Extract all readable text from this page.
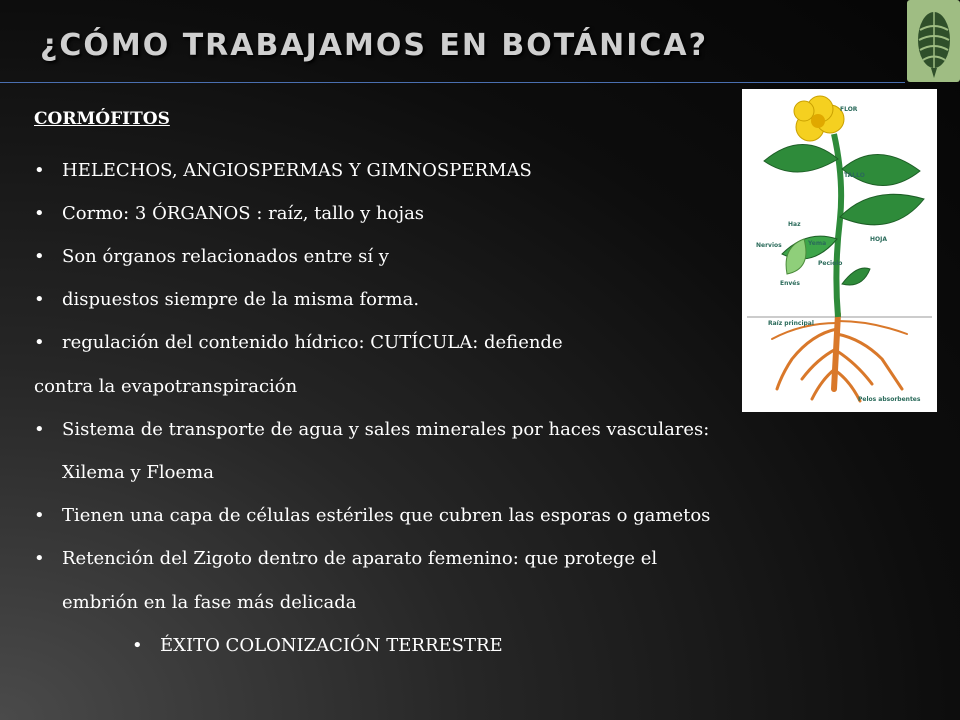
¿CÓMO TRABAJAMOS EN BOTÁNICA?
CORMÓFITOS	FLOR
TALLO
HOJA
Haz
Yema
Nervios
Peciolo
Envés
Raíz principal
Pelos absorbentes
• HELECHOS, ANGIOSPERMAS Y GIMNOSPERMAS
• Cormo: 3 ÓRGANOS : raíz, tallo y hojas
• Son órganos relacionados entre sí y
• dispuestos siempre de la misma forma.
• regulación del contenido hídrico: CUTÍCULA: defiende
contra la evapotranspiración
• Sistema de transporte de agua y sales minerales por haces vasculares:
Xilema y Floema
• Tienen una capa de células estériles que cubren las esporas o gametos
• Retención del Zigoto dentro de aparato femenino: que protege el
embrión en la fase más delicada
• ÉXITO COLONIZACIÓN TERRESTRE
